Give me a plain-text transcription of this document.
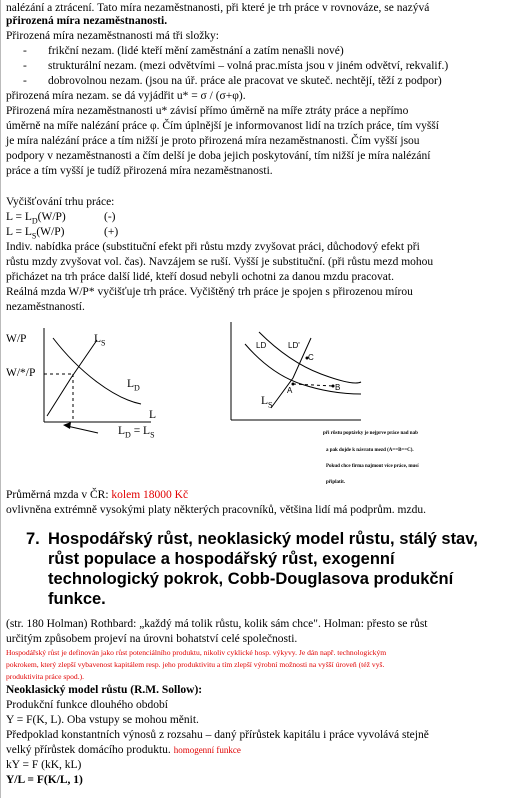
nalézání a ztrácení. Tato míra nezaměstnanosti, při které je trh práce v rovnováze, se nazývá
přirozená míra nezaměstnanosti.
Přirozená míra nezaměstnanosti má tři složky:
- frikční nezam. (lidé kteří mění zaměstnání a zatím nenašli nové)
- strukturální nezam. (mezi odvětvími – volná prac.místa jsou v jiném odvětví, rekvalif.)
- dobrovolnou nezam. (jsou na úř. práce ale pracovat ve skuteč. nechtějí, těží z podpor)
přirozená míra nezam. se dá vyjádřit u* = σ / (σ+φ).
Přirozená míra nezaměstnanosti u* závisí přímo úměrně na míře ztráty práce a nepřímo
úměrně na míře nalézání práce φ. Čím úplnější je informovanost lidí na trzích práce, tím vyšší
je míra nalézání práce a tím nižší je proto přirozená míra nezaměstnanosti. Čím vyšší jsou
podpory v nezaměstnanosti a čím delší je doba jejich poskytování, tím nižší je míra nalézání
práce a tím vyšší je tudíž přirozená míra nezaměstnanosti.
Vyčišťování trhu práce:
$L = L_D(W/P)$	(-)
$L = L_S(W/P)$	(+)
Indiv. nabídka práce (substituční efekt při růstu mzdy zvyšovat práci, důchodový efekt při
růstu mzdy zvyšovat vol. čas). Navzájem se ruší. Vyšší je substituční. (při růstu mezd mohou
přicházet na trh práce další lidé, kteří dosud nebyli ochotni za danou mzdu pracovat.
Reálná mzda W/P* vyčišťuje trh práce. Vyčištěný trh práce je spojen s přirozenou mírou
nezaměstnaností.
W/P	$L_S$
W/*/P
$L_D$
L
$L_D = L_S$
LD	LD'
C
B
A
$L_S$
při růstu poptávky je nejprve práce nad nab
a pak dojde k návratu mezd (A==B==C).
Pokud chce firma najmout více práce, musí
připlatit.
Průměrná mzda v ČR: kolem 18000 Kč
ovlivněna extrémně vysokými platy některých pracovníků, většina lidí má podprům. mzdu.
7. Hospodářský růst, neoklasický model růstu, stálý stav,
růst populace a hospodářský růst, exogenní
technologický pokrok, Cobb-Douglasova produkční
funkce.
(str. 180 Holman) Rothbard: „každý má tolik růstu, kolik sám chce". Holman: přesto se růst
určitým způsobem projeví na úrovni bohatství celé společnosti.
Hospodářský růst je definován jako růst potenciálního produktu, nikoliv cyklické hosp. výkyvy. Je dán např. technologickým
pokrokem, který zlepší vybavenost kapitálem resp. jeho produktivitu a tím zlepší výrobní možnosti na vyšší úroveň (též vyš.
produktivita práce spod.).
Neoklasický model růstu (R.M. Sollow):
Produkční funkce dlouhého období
Y = F(K, L). Oba vstupy se mohou měnit.
Předpoklad konstantních výnosů z rozsahu – daný přírůstek kapitálu i práce vyvolává stejně
velký přírůstek domácího produktu. homogenní funkce
kY = F (kK, kL)
Y/L = F(K/L, 1)
